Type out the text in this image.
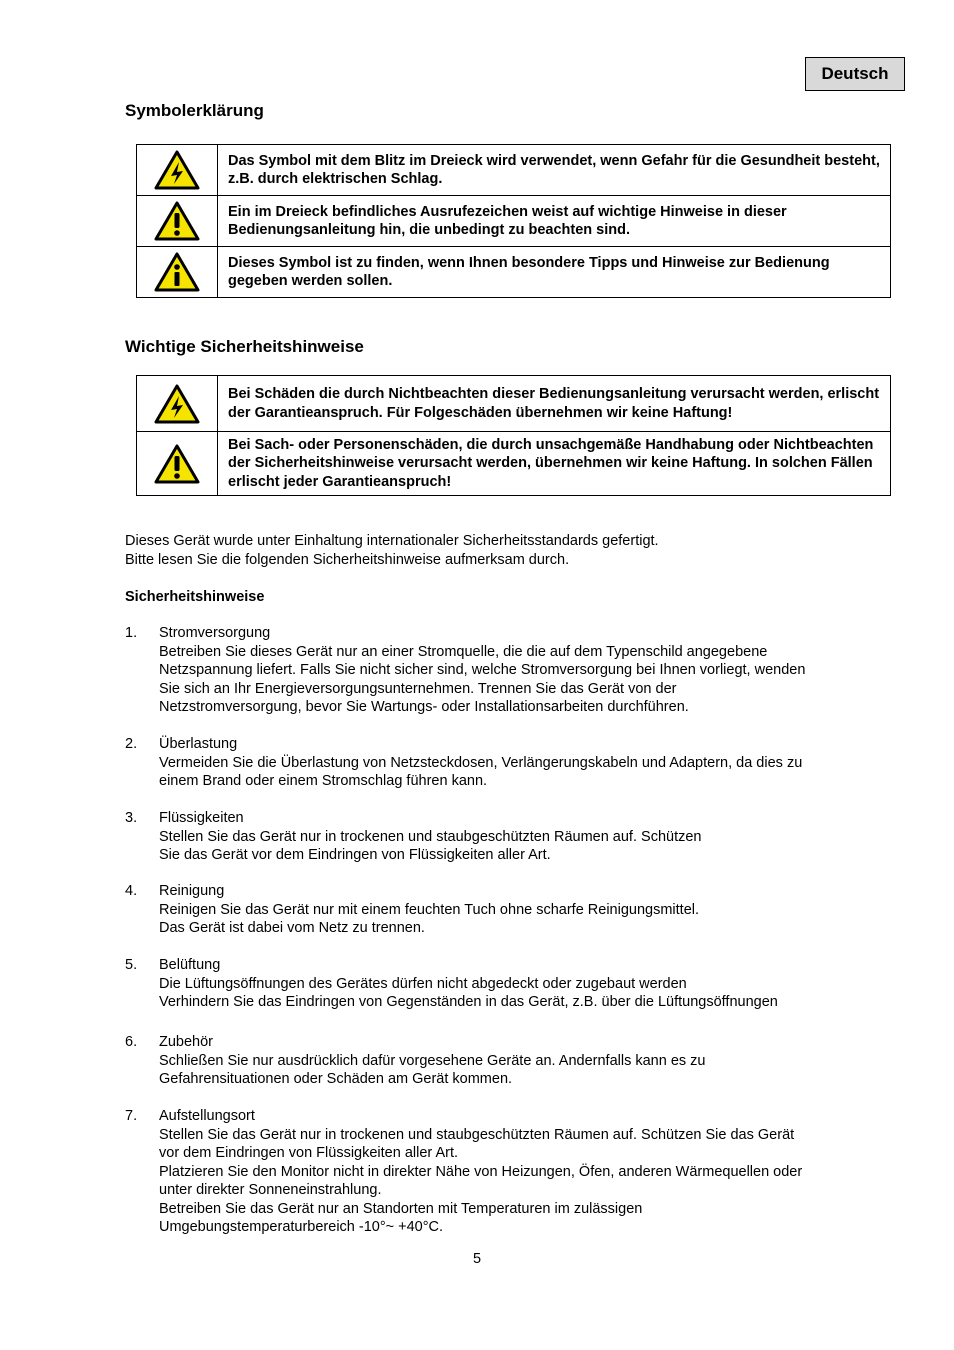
Deutsch
Symbolerklärung
	Das Symbol mit dem Blitz im Dreieck wird verwendet, wenn Gefahr für die Gesundheit besteht, z.B. durch elektrischen Schlag.

	Ein im Dreieck befindliches Ausrufezeichen weist auf wichtige Hinweise in dieser Bedienungsanleitung hin, die unbedingt zu beachten sind.

	Dieses Symbol ist zu finden, wenn Ihnen besondere Tipps und Hinweise zur Bedienung gegeben werden sollen.
Wichtige Sicherheitshinweise
	Bei Schäden die durch Nichtbeachten dieser Bedienungsanleitung verursacht werden, erlischt der Garantieanspruch. Für Folgeschäden übernehmen wir keine Haftung!

	Bei Sach- oder Personenschäden, die durch unsachgemäße Handhabung oder Nichtbeachten der Sicherheitshinweise verursacht werden, übernehmen wir keine Haftung. In solchen Fällen erlischt jeder Garantieanspruch!
Dieses Gerät wurde unter Einhaltung internationaler Sicherheitsstandards gefertigt.
Bitte lesen Sie die folgenden Sicherheitshinweise aufmerksam durch.
Sicherheitshinweise
1.	Stromversorgung
Betreiben Sie dieses Gerät nur an einer Stromquelle, die die auf dem Typenschild angegebene
Netzspannung liefert. Falls Sie nicht sicher sind, welche Stromversorgung bei Ihnen vorliegt, wenden
Sie sich an Ihr Energieversorgungsunternehmen. Trennen Sie das Gerät von der
Netzstromversorgung, bevor Sie Wartungs- oder Installationsarbeiten durchführen.
2.	Überlastung
Vermeiden Sie die Überlastung von Netzsteckdosen, Verlängerungskabeln und Adaptern, da dies zu
einem Brand oder einem Stromschlag führen kann.
3.	Flüssigkeiten
Stellen Sie das Gerät nur in trockenen und staubgeschützten Räumen auf. Schützen
Sie das Gerät vor dem Eindringen von Flüssigkeiten aller Art.
4.	Reinigung
Reinigen Sie das Gerät nur mit einem feuchten Tuch ohne scharfe Reinigungsmittel.
Das Gerät ist dabei vom Netz zu trennen.
5.	Belüftung
Die Lüftungsöffnungen des Gerätes dürfen nicht abgedeckt oder zugebaut werden
Verhindern Sie das Eindringen von Gegenständen in das Gerät, z.B. über die Lüftungsöffnungen
6.	Zubehör
Schließen Sie nur ausdrücklich dafür vorgesehene Geräte an. Andernfalls kann es zu
Gefahrensituationen oder Schäden am Gerät kommen.
7.	Aufstellungsort
Stellen Sie das Gerät nur in trockenen und staubgeschützten Räumen auf. Schützen Sie das Gerät
vor dem Eindringen von Flüssigkeiten aller Art.
Platzieren Sie den Monitor nicht in direkter Nähe von Heizungen, Öfen, anderen Wärmequellen oder
unter direkter Sonneneinstrahlung.
Betreiben Sie das Gerät nur an Standorten mit Temperaturen im zulässigen
Umgebungstemperaturbereich -10°~ +40°C.
5
